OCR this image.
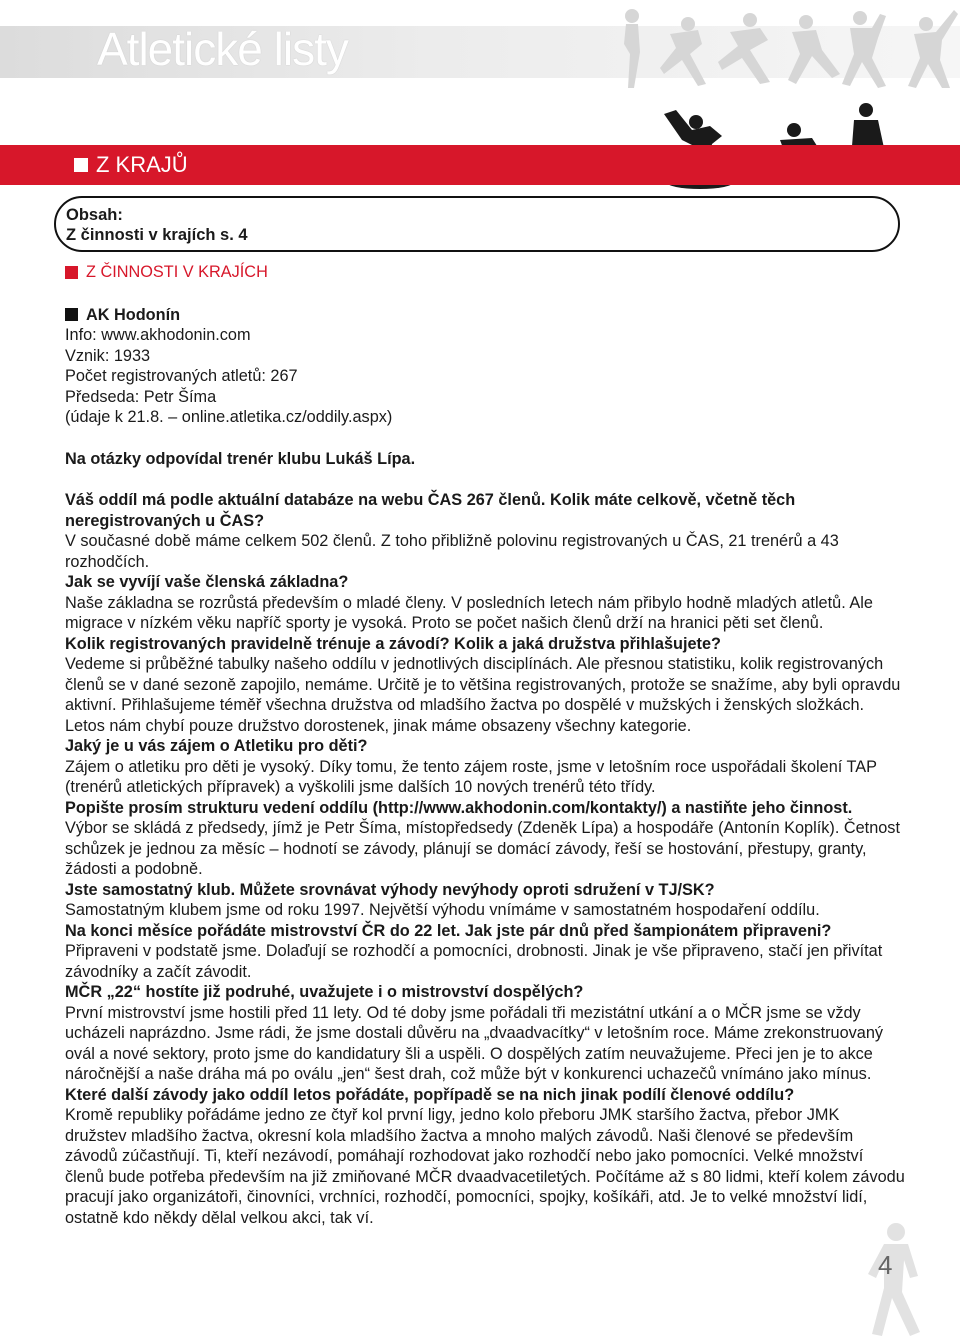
Atletické listy
Z KRAJŮ
Obsah:
Z činnosti v krajích s. 4
Z ČINNOSTI V KRAJÍCH
AK Hodonín

Info: www.akhodonin.com

Vznik: 1933

Počet registrovaných atletů: 267

Předseda: Petr Šíma

(údaje k 21.8. – online.atletika.cz/oddily.aspx)

Na otázky odpovídal trenér klubu Lukáš Lípa.

Váš oddíl má podle aktuální databáze na webu ČAS 267 členů. Kolik máte celkově, včetně těch neregistrovaných u ČAS?

V současné době máme celkem 502 členů. Z toho přibližně polovinu registrovaných u ČAS, 21 trenérů a 43 rozhodčích.

Jak se vyvíjí vaše členská základna?

Naše základna se rozrůstá především o mladé členy. V posledních letech nám přibylo hodně mladých atletů. Ale migrace v nízkém věku napříč sporty je vysoká. Proto se počet našich členů drží na hranici pěti set členů.

Kolik registrovaných pravidelně trénuje a závodí? Kolik a jaká družstva přihlašujete?

Vedeme si průběžné tabulky našeho oddílu v jednotlivých disciplínách. Ale přesnou statistiku, kolik registrovaných členů se v dané sezoně zapojilo, nemáme. Určitě je to většina registrovaných, protože se snažíme, aby byli opravdu aktivní. Přihlašujeme téměř všechna družstva od mladšího žactva po dospělé v mužských i ženských složkách. Letos nám chybí pouze družstvo dorostenek, jinak máme obsazeny všechny kategorie.

Jaký je u vás zájem o Atletiku pro děti?

Zájem o atletiku pro děti je vysoký. Díky tomu, že tento zájem roste, jsme v letošním roce uspořádali školení TAP (trenérů atletických přípravek) a vyškolili jsme dalších 10 nových trenérů této třídy.

Popište prosím strukturu vedení oddílu (http://www.akhodonin.com/kontakty/) a nastiňte jeho činnost.

Výbor se skládá z předsedy, jímž je Petr Šíma, místopředsedy (Zdeněk Lípa) a hospodáře (Antonín Koplík). Četnost schůzek je jednou za měsíc – hodnotí se závody, plánují se domácí závody, řeší se hostování, přestupy, granty, žádosti a podobně.

Jste samostatný klub. Můžete srovnávat výhody nevýhody oproti sdružení v TJ/SK?

Samostatným klubem jsme od roku 1997. Největší výhodu vnímáme v samostatném hospodaření oddílu.

Na konci měsíce pořádáte mistrovství ČR do 22 let. Jak jste pár dnů před šampionátem připraveni?

Připraveni v podstatě jsme. Dolaďují se rozhodčí a pomocníci, drobnosti. Jinak je vše připraveno, stačí jen přivítat závodníky a začít závodit.

MČR „22“ hostíte již podruhé, uvažujete i o mistrovství dospělých?

První mistrovství jsme hostili před 11 lety. Od té doby jsme pořádali tři mezistátní utkání a o MČR jsme se vždy ucházeli naprázdno. Jsme rádi, že jsme dostali důvěru na „dvaadvacítky“ v letošním roce. Máme zrekonstruovaný ovál a nové sektory, proto jsme do kandidatury šli a uspěli. O dospělých zatím neuvažujeme. Přeci jen je to akce náročnější a naše dráha má po oválu „jen“ šest drah, což může být v konkurenci uchazečů vnímáno jako mínus.

Které další závody jako oddíl letos pořádáte, popřípadě se na nich jinak podílí členové oddílu?

Kromě republiky pořádáme jedno ze čtyř kol první ligy, jedno kolo přeboru JMK staršího žactva, přebor JMK družstev mladšího žactva, okresní kola mladšího žactva a mnoho malých závodů. Naši členové se především závodů zúčastňují. Ti, kteří nezávodí, pomáhají rozhodovat jako rozhodčí nebo jako pomocníci. Velké množství členů bude potřeba především na již zmiňované MČR dvaadvacetiletých. Počítáme až s 80 lidmi, kteří kolem závodu pracují jako organizátoři, činovníci, vrchníci, rozhodčí, pomocníci, spojky, košíkáři, atd. Je to velké množství lidí, ostatně kdo někdy dělal velkou akci, tak ví.

4
